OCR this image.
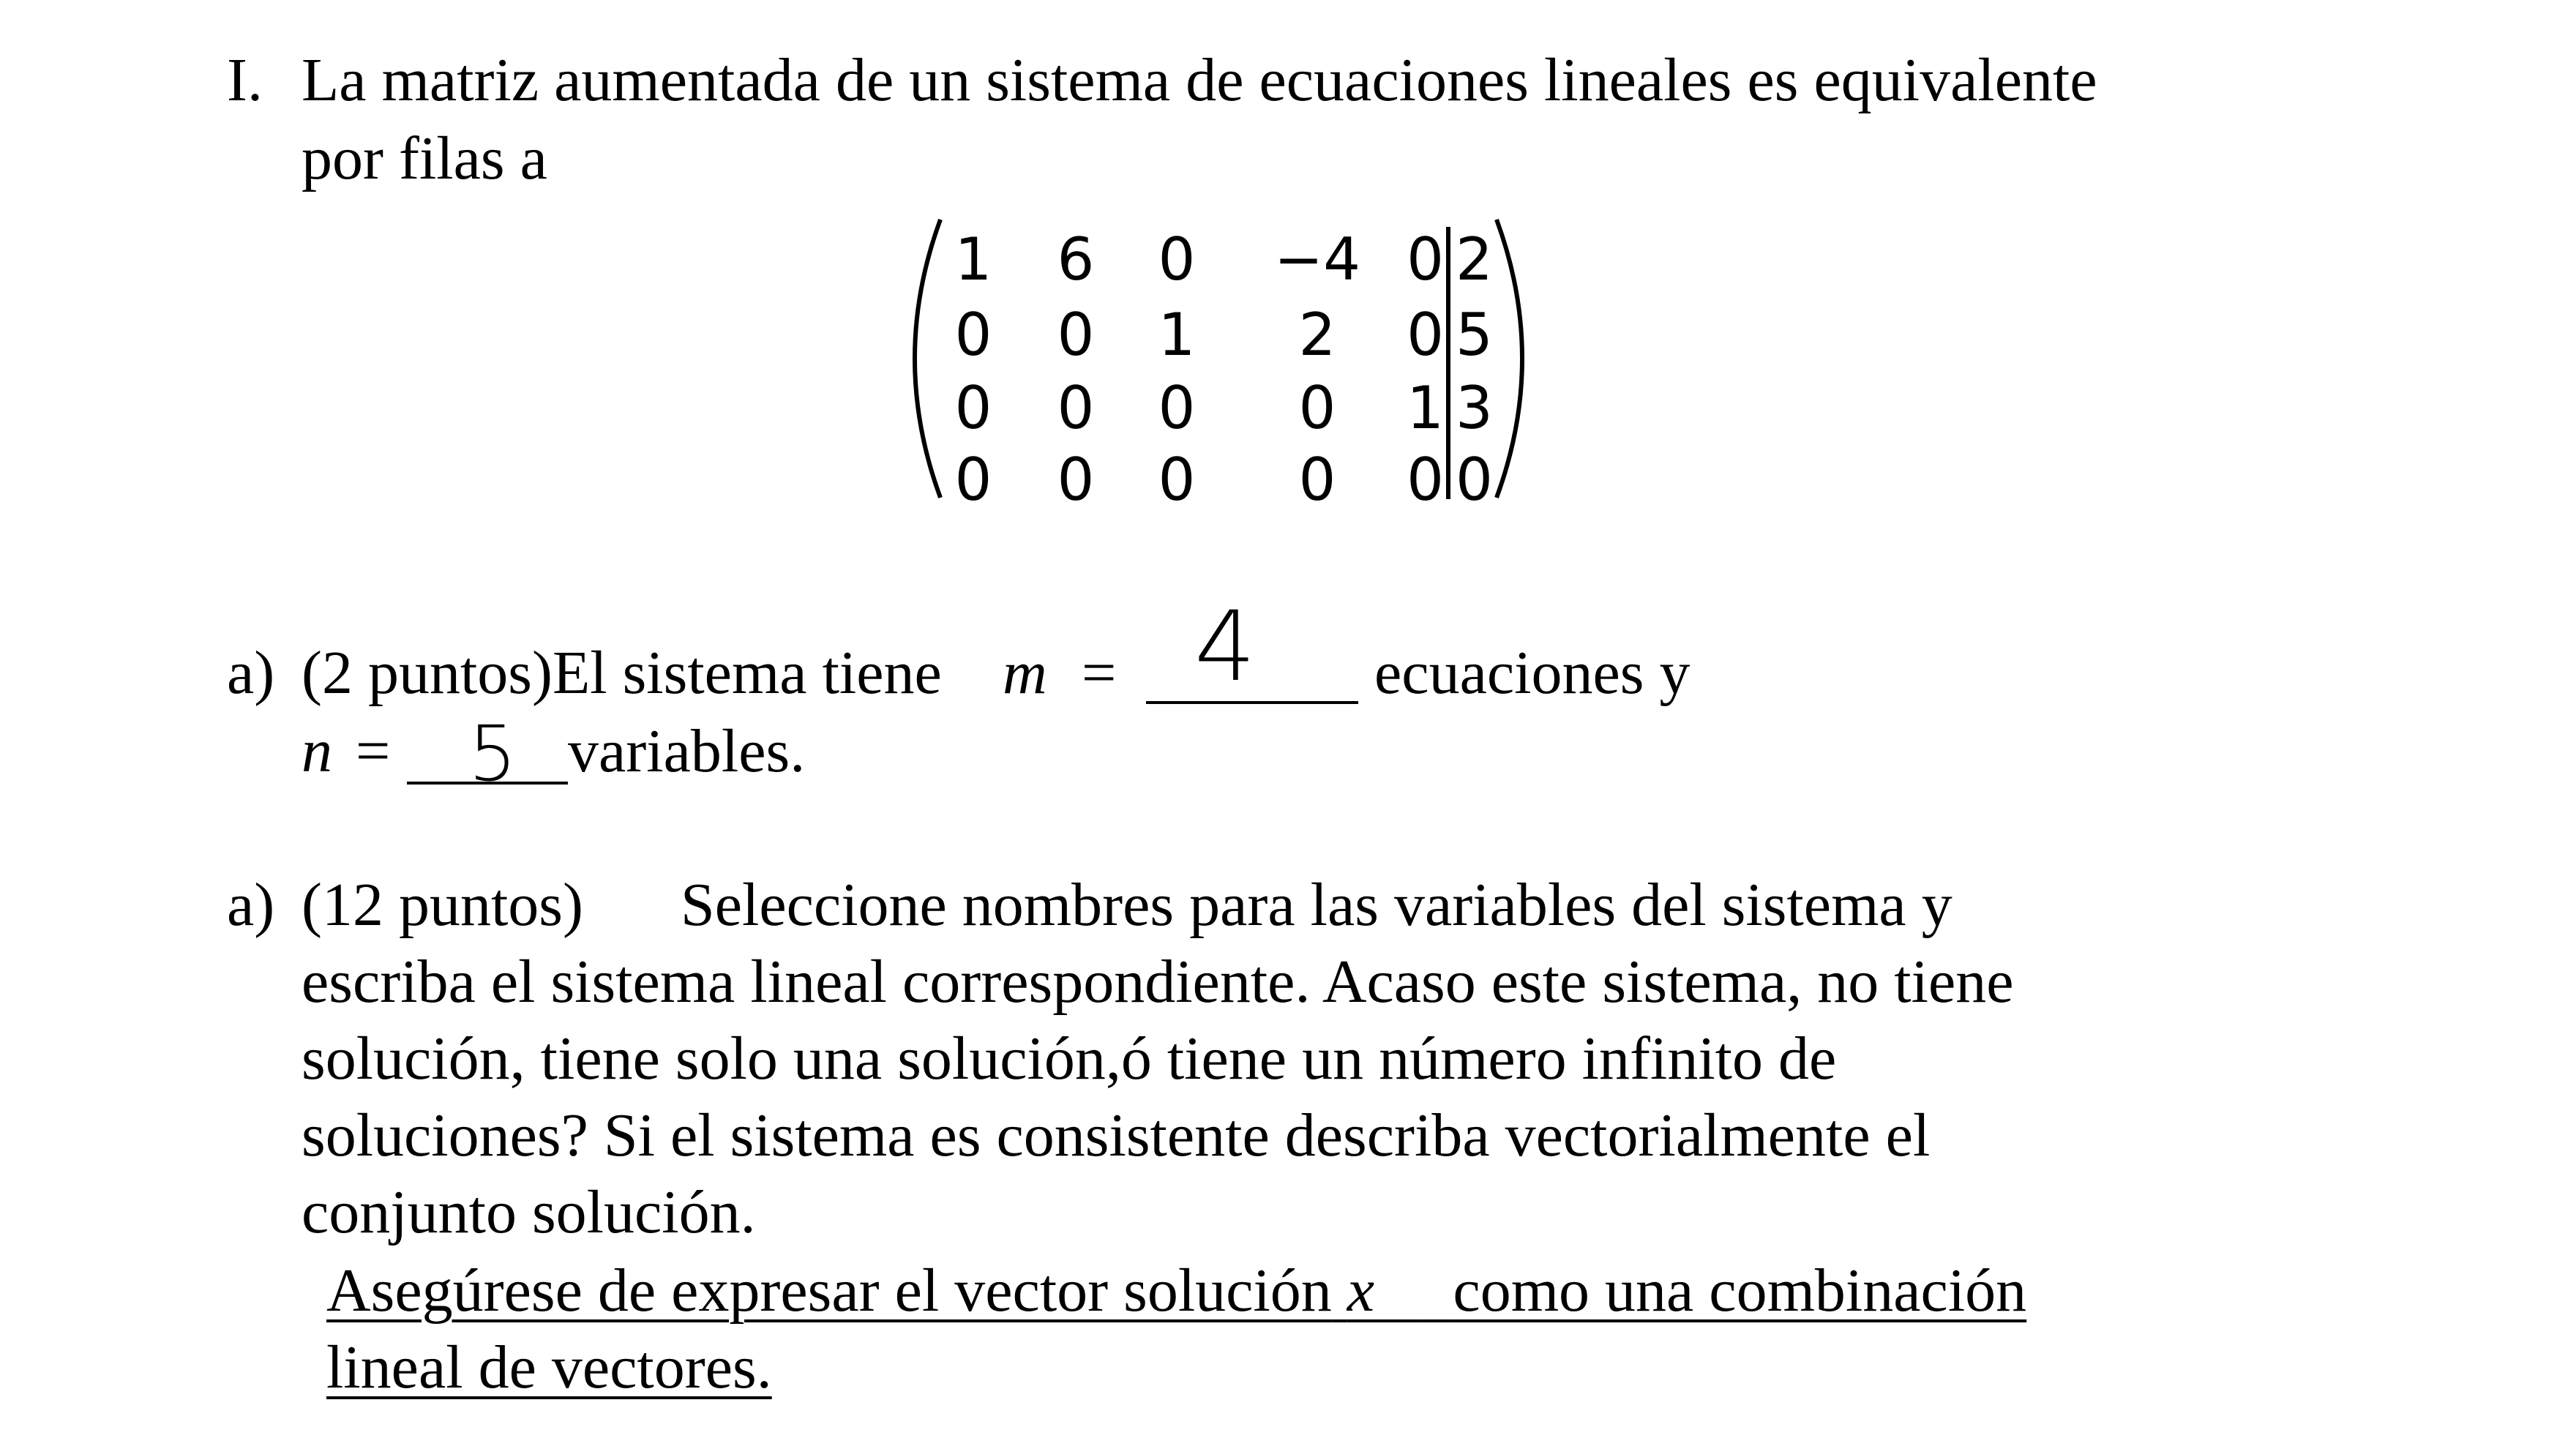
I. La matriz aumentada de un sistema de ecuaciones lineales es equivalente
por filas a
1	6	0	−4 0 2
0	0	1	2	0 5
0	0	0	0	1 3
0	0	0	0	0 0
a) (2 puntos)El sistema tiene m = 4 ecuaciones y
n = 5 variables.
a) (12 puntos) Seleccione nombres para las variables del sistema y
escriba el sistema lineal correspondiente. Acaso este sistema, no tiene
solución, tiene solo una solución,ó tiene un número infinito de
soluciones? Si el sistema es consistente describa vectorialmente el
conjunto solución.
Asegúrese de expresar el vector solución x⃗ como una combinación
lineal de vectores.
